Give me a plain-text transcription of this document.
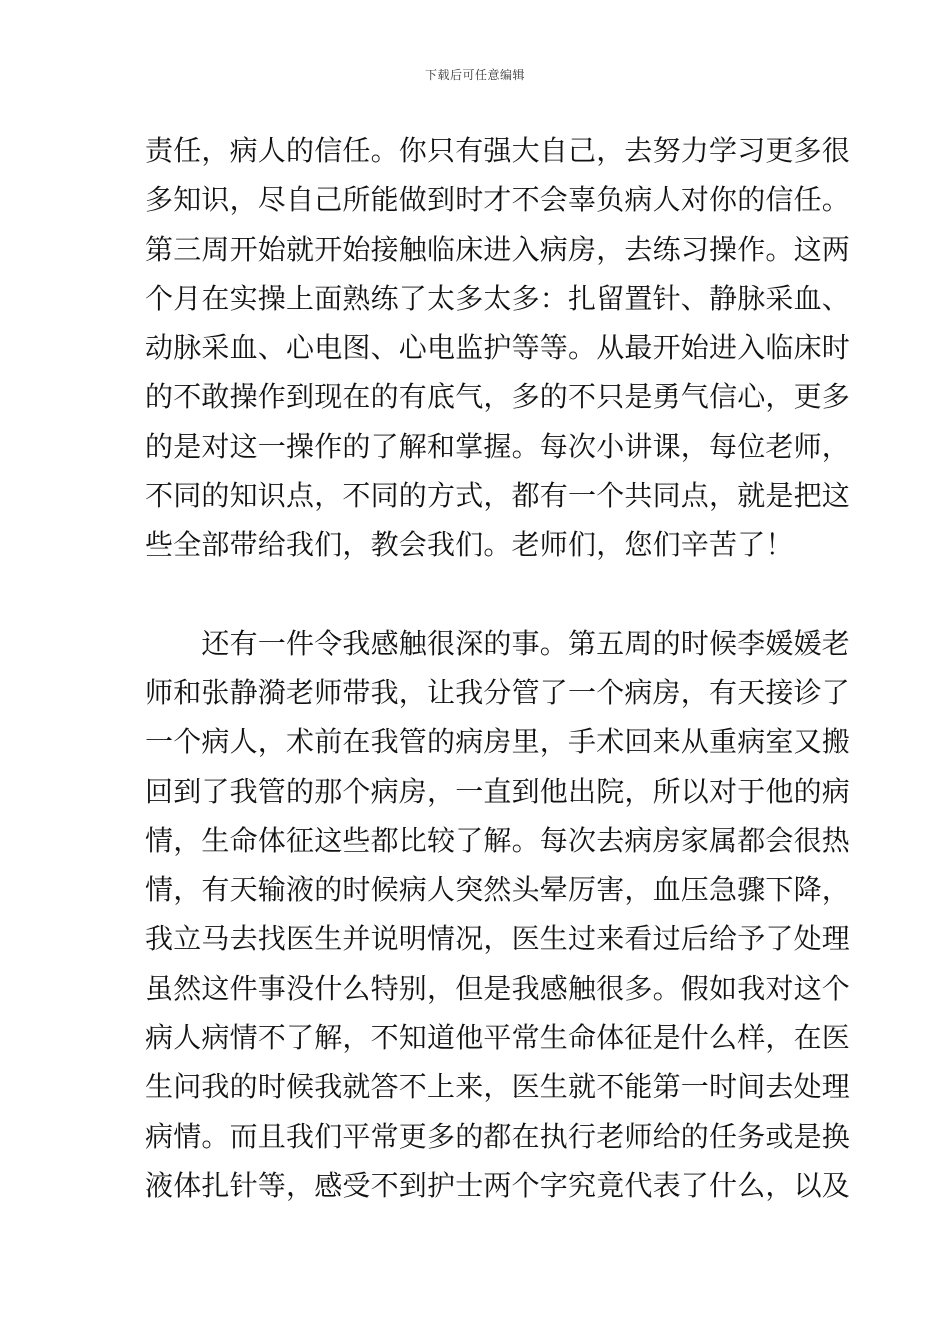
下载后可任意编辑
责任，病人的信任。你只有强大自己，去努力学习更多很
多知识，尽自己所能做到时才不会辜负病人对你的信任。
第三周开始就开始接触临床进入病房，去练习操作。这两
个月在实操上面熟练了太多太多：扎留置针、静脉采血、
动脉采血、心电图、心电监护等等。从最开始进入临床时
的不敢操作到现在的有底气，多的不只是勇气信心，更多
的是对这一操作的了解和掌握。每次小讲课，每位老师，
不同的知识点，不同的方式，都有一个共同点，就是把这
些全部带给我们，教会我们。老师们，您们辛苦了！
　　还有一件令我感触很深的事。第五周的时候李媛媛老
师和张静漪老师带我，让我分管了一个病房，有天接诊了
一个病人，术前在我管的病房里，手术回来从重病室又搬
回到了我管的那个病房，一直到他出院，所以对于他的病
情，生命体征这些都比较了解。每次去病房家属都会很热
情，有天输液的时候病人突然头晕厉害，血压急骤下降，
我立马去找医生并说明情况，医生过来看过后给予了处理
虽然这件事没什么特别，但是我感触很多。假如我对这个
病人病情不了解，不知道他平常生命体征是什么样，在医
生问我的时候我就答不上来，医生就不能第一时间去处理
病情。而且我们平常更多的都在执行老师给的任务或是换
液体扎针等，感受不到护士两个字究竟代表了什么，以及
